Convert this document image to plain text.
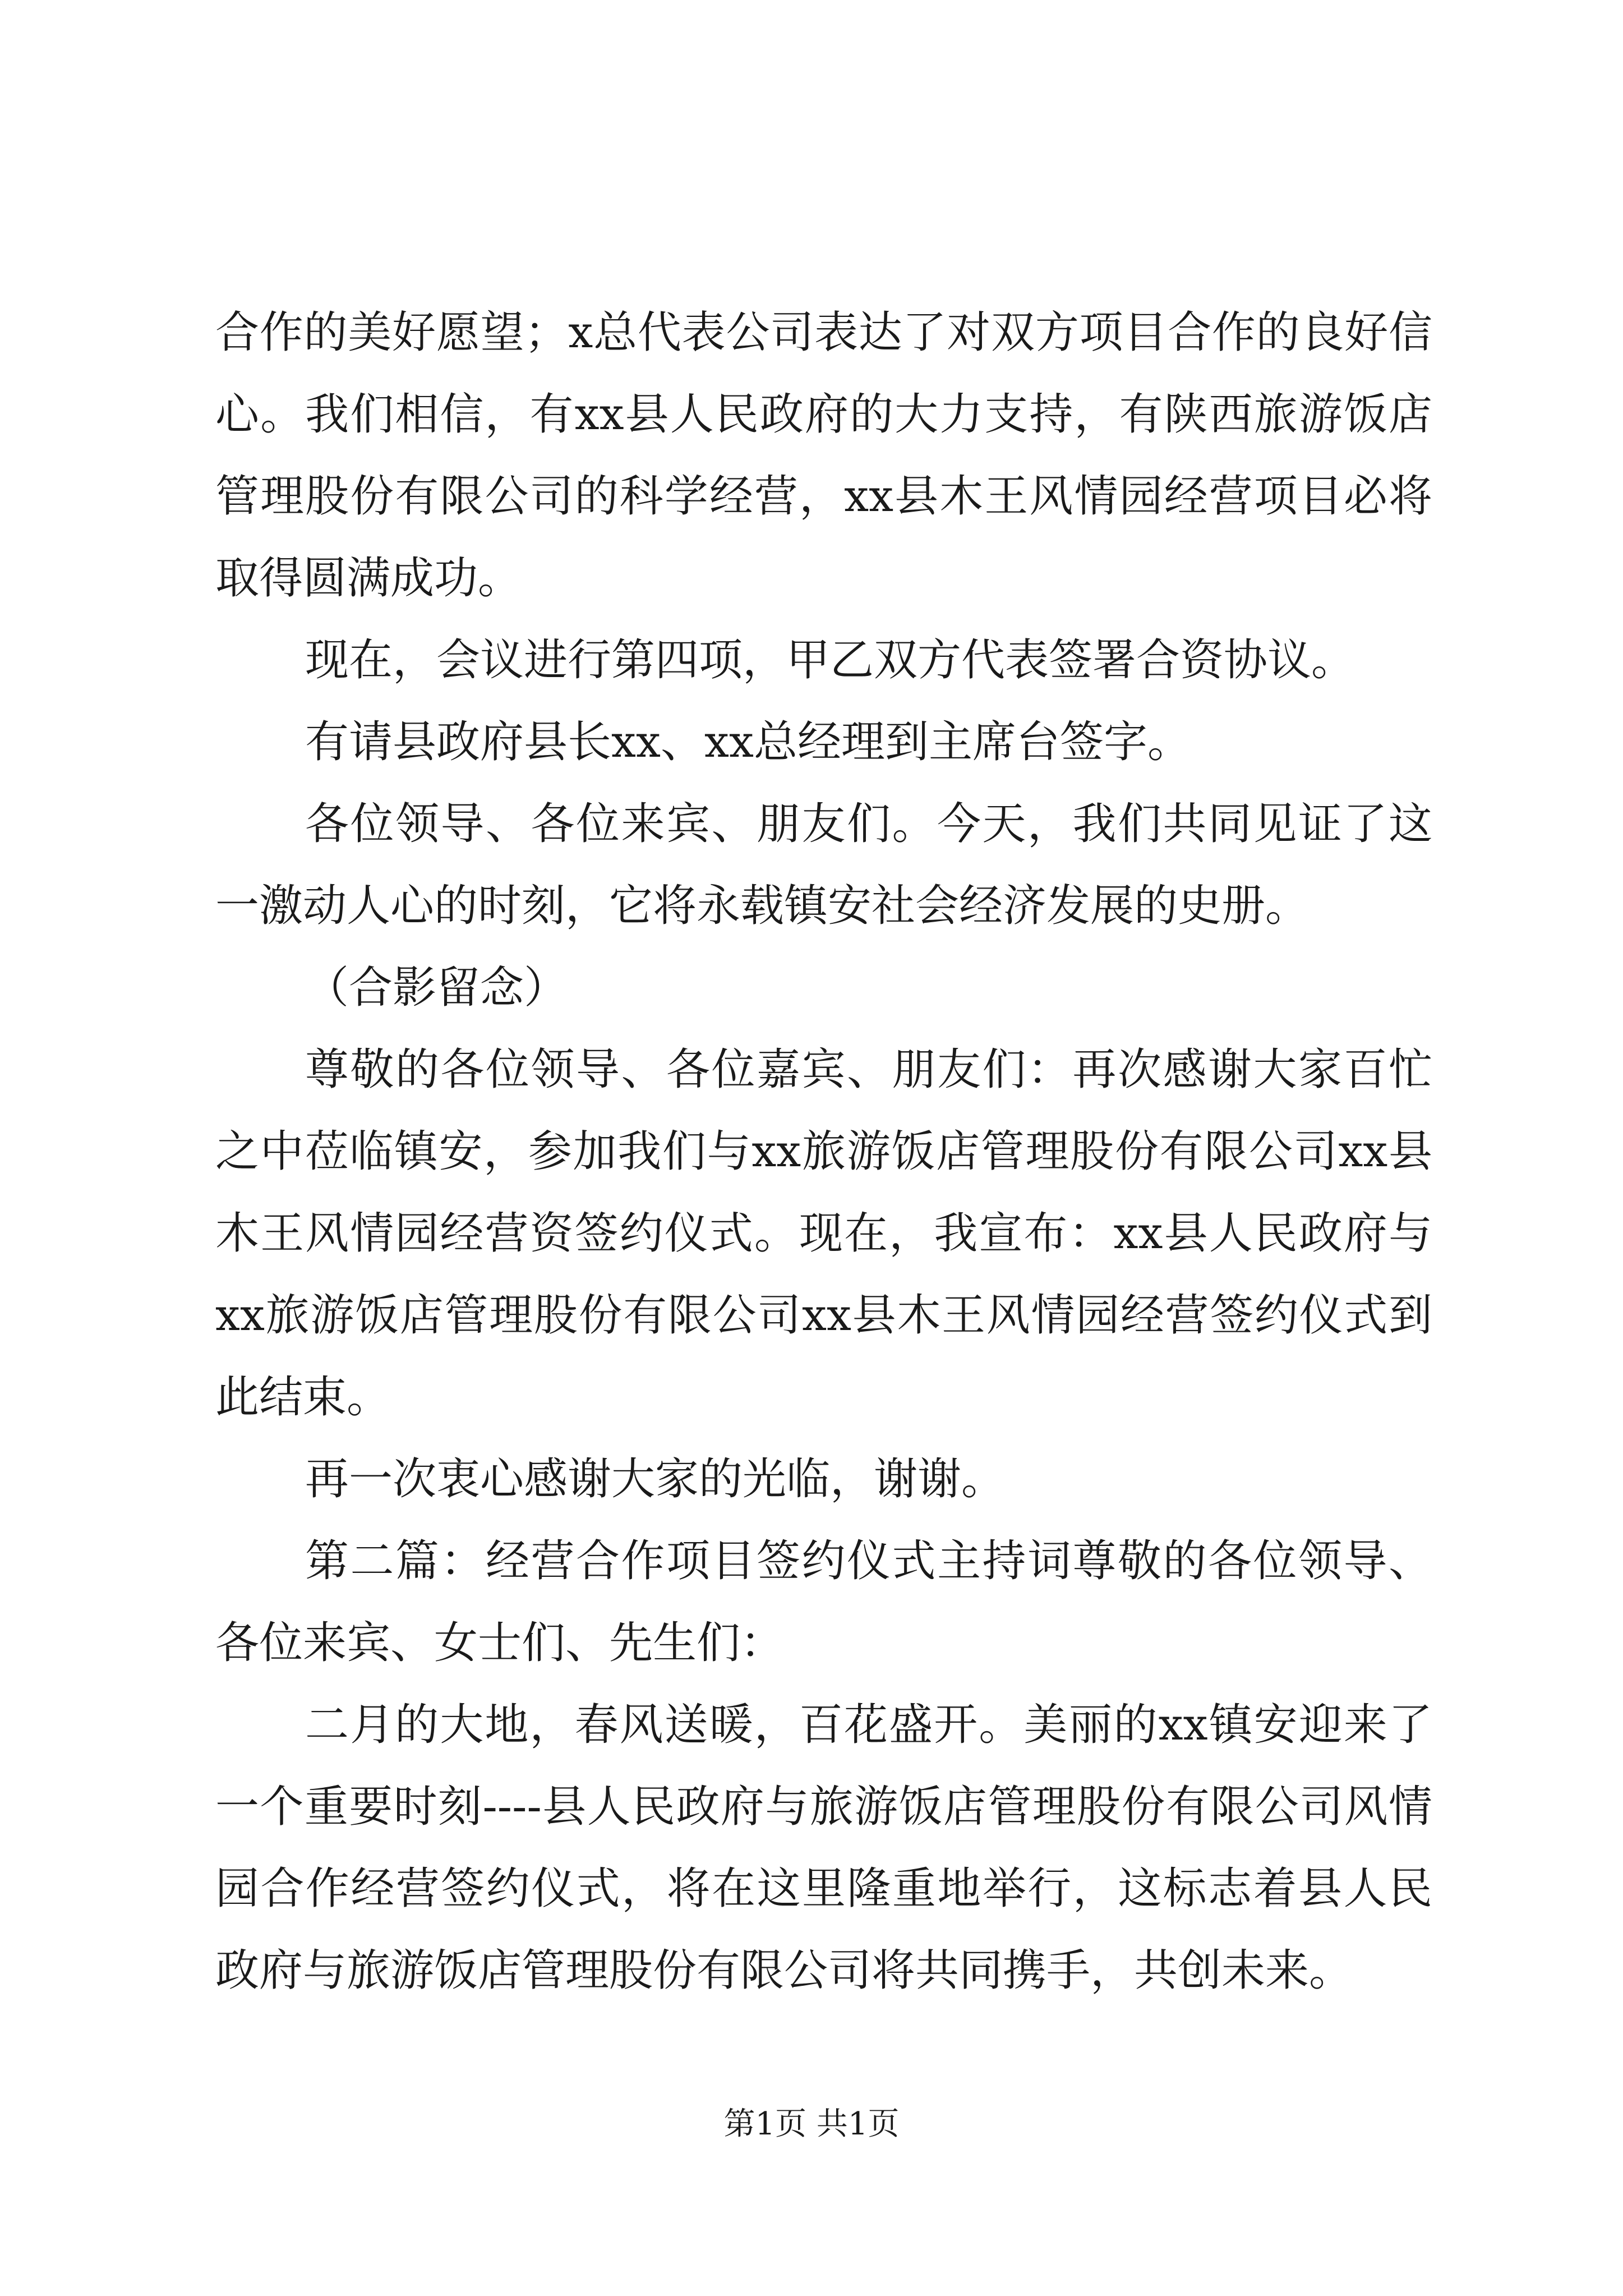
合作的美好愿望；x总代表公司表达了对双方项目合作的良好信心。我们相信，有xx县人民政府的大力支持，有陕西旅游饭店管理股份有限公司的科学经营，xx县木王风情园经营项目必将取得圆满成功。

现在，会议进行第四项，甲乙双方代表签署合资协议。

有请县政府县长xx、xx总经理到主席台签字。

各位领导、各位来宾、朋友们。今天，我们共同见证了这一激动人心的时刻，它将永载镇安社会经济发展的史册。

（合影留念）

尊敬的各位领导、各位嘉宾、朋友们：再次感谢大家百忙之中莅临镇安，参加我们与xx旅游饭店管理股份有限公司xx县木王风情园经营资签约仪式。现在，我宣布：xx县人民政府与xx旅游饭店管理股份有限公司xx县木王风情园经营签约仪式到此结束。

再一次衷心感谢大家的光临，谢谢。

第二篇：经营合作项目签约仪式主持词尊敬的各位领导、各位来宾、女士们、先生们：

二月的大地，春风送暖，百花盛开。美丽的xx镇安迎来了一个重要时刻----县人民政府与旅游饭店管理股份有限公司风情园合作经营签约仪式，将在这里隆重地举行，这标志着县人民政府与旅游饭店管理股份有限公司将共同携手，共创未来。

第1页 共1页
